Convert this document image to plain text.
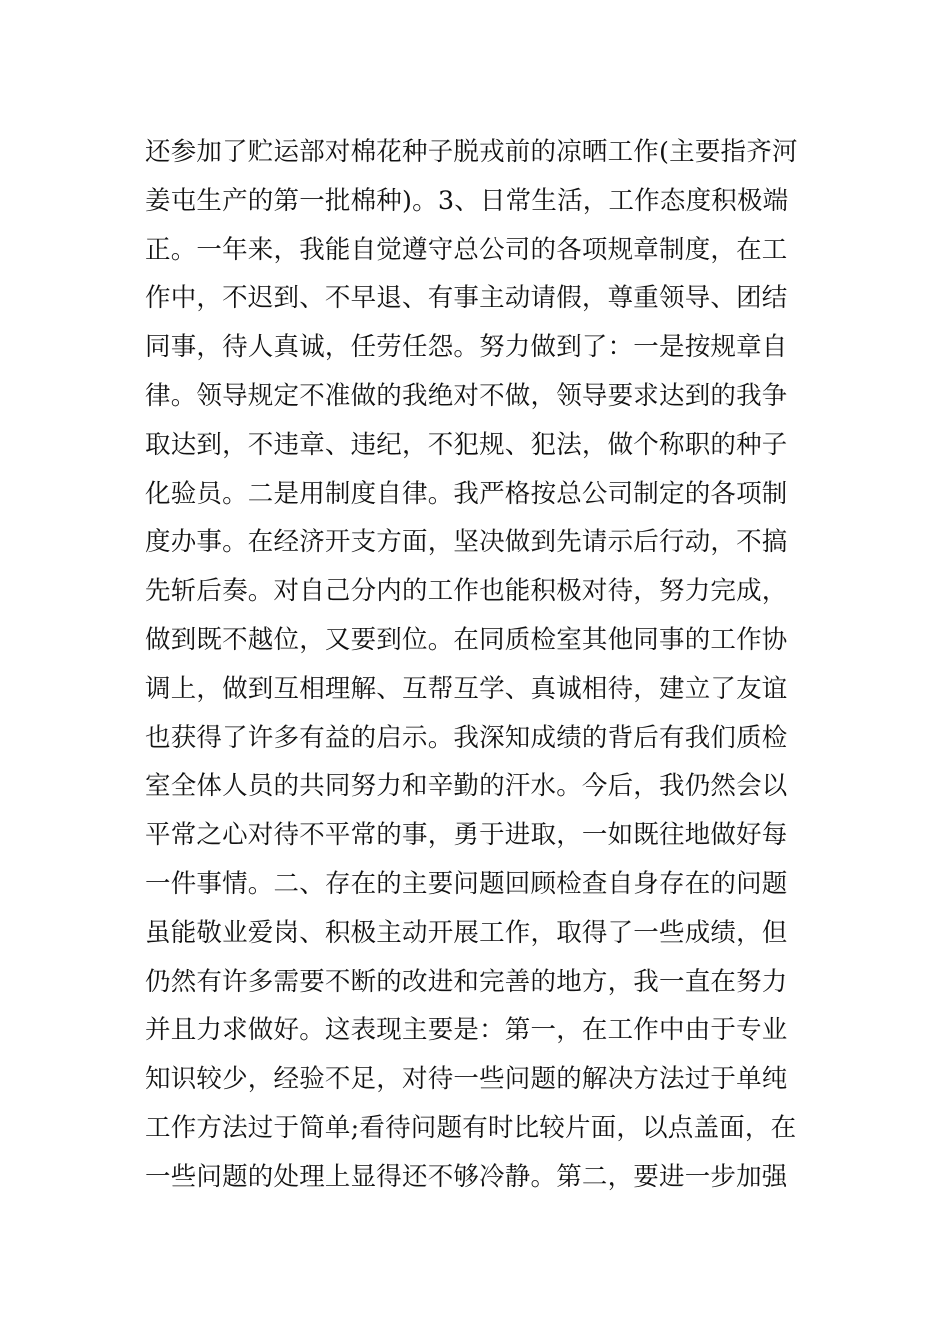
还参加了贮运部对棉花种子脱戎前的凉晒工作(主要指齐河
姜屯生产的第一批棉种)。3、日常生活，工作态度积极端
正。一年来，我能自觉遵守总公司的各项规章制度，在工
作中，不迟到、不早退、有事主动请假，尊重领导、团结
同事，待人真诚，任劳任怨。努力做到了：一是按规章自
律。领导规定不准做的我绝对不做，领导要求达到的我争
取达到，不违章、违纪，不犯规、犯法，做个称职的种子
化验员。二是用制度自律。我严格按总公司制定的各项制
度办事。在经济开支方面，坚决做到先请示后行动，不搞
先斩后奏。对自己分内的工作也能积极对待，努力完成，
做到既不越位，又要到位。在同质检室其他同事的工作协
调上，做到互相理解、互帮互学、真诚相待，建立了友谊
也获得了许多有益的启示。我深知成绩的背后有我们质检
室全体人员的共同努力和辛勤的汗水。今后，我仍然会以
平常之心对待不平常的事，勇于进取，一如既往地做好每
一件事情。二、存在的主要问题回顾检查自身存在的问题
虽能敬业爱岗、积极主动开展工作，取得了一些成绩，但
仍然有许多需要不断的改进和完善的地方，我一直在努力
并且力求做好。这表现主要是：第一，在工作中由于专业
知识较少，经验不足，对待一些问题的解决方法过于单纯
工作方法过于简单;看待问题有时比较片面，以点盖面，在
一些问题的处理上显得还不够冷静。第二，要进一步加强
